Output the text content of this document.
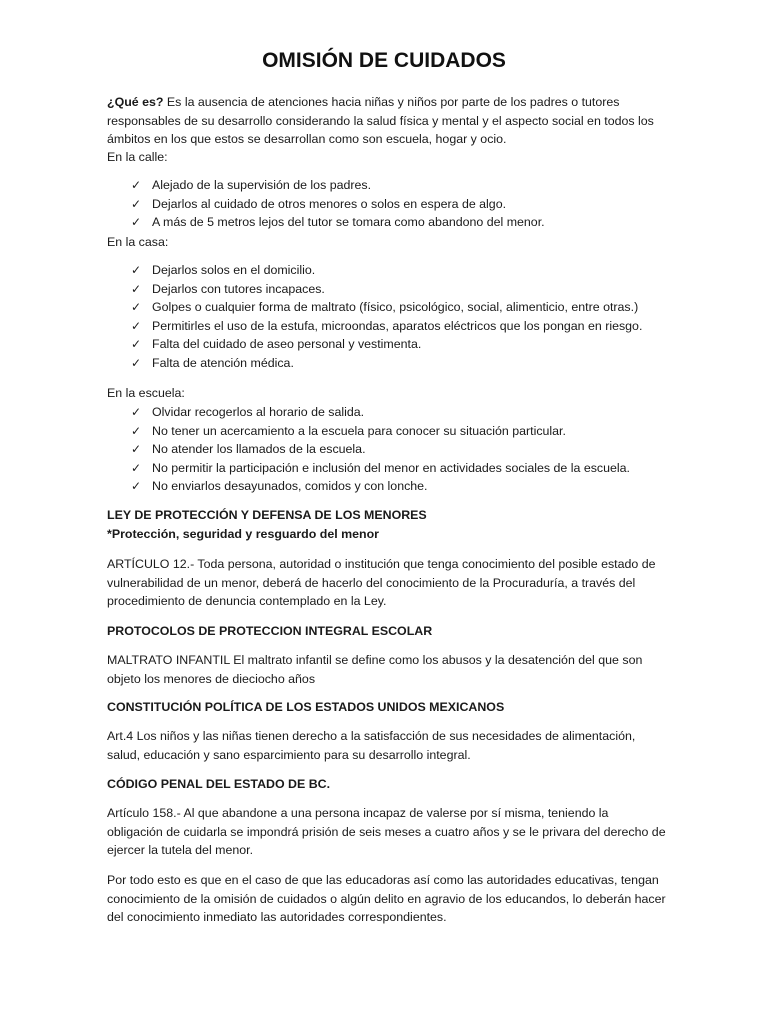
OMISIÓN DE CUIDADOS

¿Qué es? Es la ausencia de atenciones hacia niñas y niños por parte de los padres o tutores responsables de su desarrollo considerando la salud física y mental y el aspecto social en todos los ámbitos en los que estos se desarrollan como son escuela, hogar y ocio.

En la calle:

✓ Alejado de la supervisión de los padres.
✓ Dejarlos al cuidado de otros menores o solos en espera de algo.
✓ A más de 5 metros lejos del tutor se tomara como abandono del menor.

En la casa:

✓ Dejarlos solos en el domicilio.
✓ Dejarlos con tutores incapaces.
✓ Golpes o cualquier forma de maltrato (físico, psicológico, social, alimenticio, entre otras.)
✓ Permitirles el uso de la estufa, microondas, aparatos eléctricos que los pongan en riesgo.
✓ Falta del cuidado de aseo personal y vestimenta.
✓ Falta de atención médica.

En la escuela:

✓ Olvidar recogerlos al horario de salida.
✓ No tener un acercamiento a la escuela para conocer su situación particular.
✓ No atender los llamados de la escuela.
✓ No permitir la participación e inclusión del menor en actividades sociales de la escuela.
✓ No enviarlos desayunados, comidos y con lonche.

LEY DE PROTECCIÓN Y DEFENSA DE LOS MENORES

*Protección, seguridad y resguardo del menor

ARTÍCULO 12.- Toda persona, autoridad o institución que tenga conocimiento del posible estado de vulnerabilidad de un menor, deberá de hacerlo del conocimiento de la Procuraduría, a través del procedimiento de denuncia contemplado en la Ley.

PROTOCOLOS DE PROTECCION INTEGRAL ESCOLAR

MALTRATO INFANTIL El maltrato infantil se define como los abusos y la desatención del que son objeto los menores de dieciocho años

CONSTITUCIÓN POLÍTICA DE LOS ESTADOS UNIDOS MEXICANOS

Art.4 Los niños y las niñas tienen derecho a la satisfacción de sus necesidades de alimentación, salud, educación y sano esparcimiento para su desarrollo integral.

CÓDIGO PENAL DEL ESTADO DE BC.

Artículo 158.- Al que abandone a una persona incapaz de valerse por sí misma, teniendo la obligación de cuidarla se impondrá prisión de seis meses a cuatro años y se le privara del derecho de ejercer la tutela del menor.

Por todo esto es que en el caso de que las educadoras así como las autoridades educativas, tengan conocimiento de la omisión de cuidados o algún delito en agravio de los educandos, lo deberán hacer del conocimiento inmediato las autoridades correspondientes.
